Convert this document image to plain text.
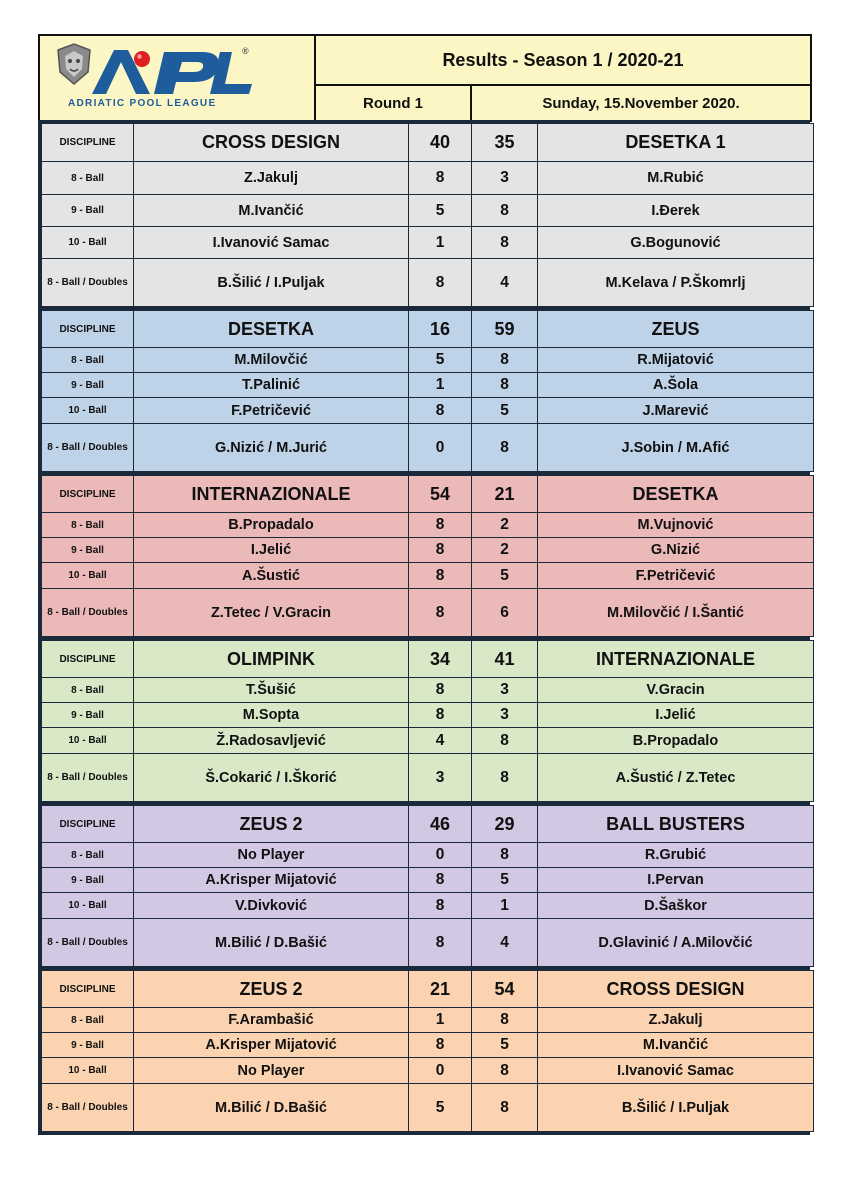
®
ADRIATIC POOL LEAGUE	Results - Season 1 / 2020-21	
	Round 1	Sunday, 15.November 2020.
DISCIPLINE	CROSS DESIGN	40	35	DESETKA 1
8 - Ball	Z.Jakulj	8	3	M.Rubić
9 - Ball	M.Ivančić	5	8	I.Đerek
10 - Ball	I.Ivanović Samac	1	8	G.Bogunović
8 - Ball / Doubles	B.Šilić / I.Puljak	8	4	M.Kelava / P.Škomrlj
DISCIPLINE	DESETKA	16	59	ZEUS
8 - Ball	M.Milovčić	5	8	R.Mijatović
9 - Ball	T.Palinić	1	8	A.Šola
10 - Ball	F.Petričević	8	5	J.Marević
8 - Ball / Doubles	G.Nizić / M.Jurić	0	8	J.Sobin / M.Afić
DISCIPLINE	INTERNAZIONALE	54	21	DESETKA
8 - Ball	B.Propadalo	8	2	M.Vujnović
9 - Ball	I.Jelić	8	2	G.Nizić
10 - Ball	A.Šustić	8	5	F.Petričević
8 - Ball / Doubles	Z.Tetec / V.Gracin	8	6	M.Milovčić / I.Šantić
DISCIPLINE	OLIMPINK	34	41	INTERNAZIONALE
8 - Ball	T.Šušić	8	3	V.Gracin
9 - Ball	M.Sopta	8	3	I.Jelić
10 - Ball	Ž.Radosavljević	4	8	B.Propadalo
8 - Ball / Doubles	Š.Cokarić / I.Škorić	3	8	A.Šustić / Z.Tetec
DISCIPLINE	ZEUS 2	46	29	BALL BUSTERS
8 - Ball	No Player	0	8	R.Grubić
9 - Ball	A.Krisper Mijatović	8	5	I.Pervan
10 - Ball	V.Divković	8	1	D.Šaškor
8 - Ball / Doubles	M.Bilić / D.Bašić	8	4	D.Glavinić / A.Milovčić
DISCIPLINE	ZEUS 2	21	54	CROSS DESIGN
8 - Ball	F.Arambašić	1	8	Z.Jakulj
9 - Ball	A.Krisper Mijatović	8	5	M.Ivančić
10 - Ball	No Player	0	8	I.Ivanović Samac
8 - Ball / Doubles	M.Bilić / D.Bašić	5	8	B.Šilić / I.Puljak
